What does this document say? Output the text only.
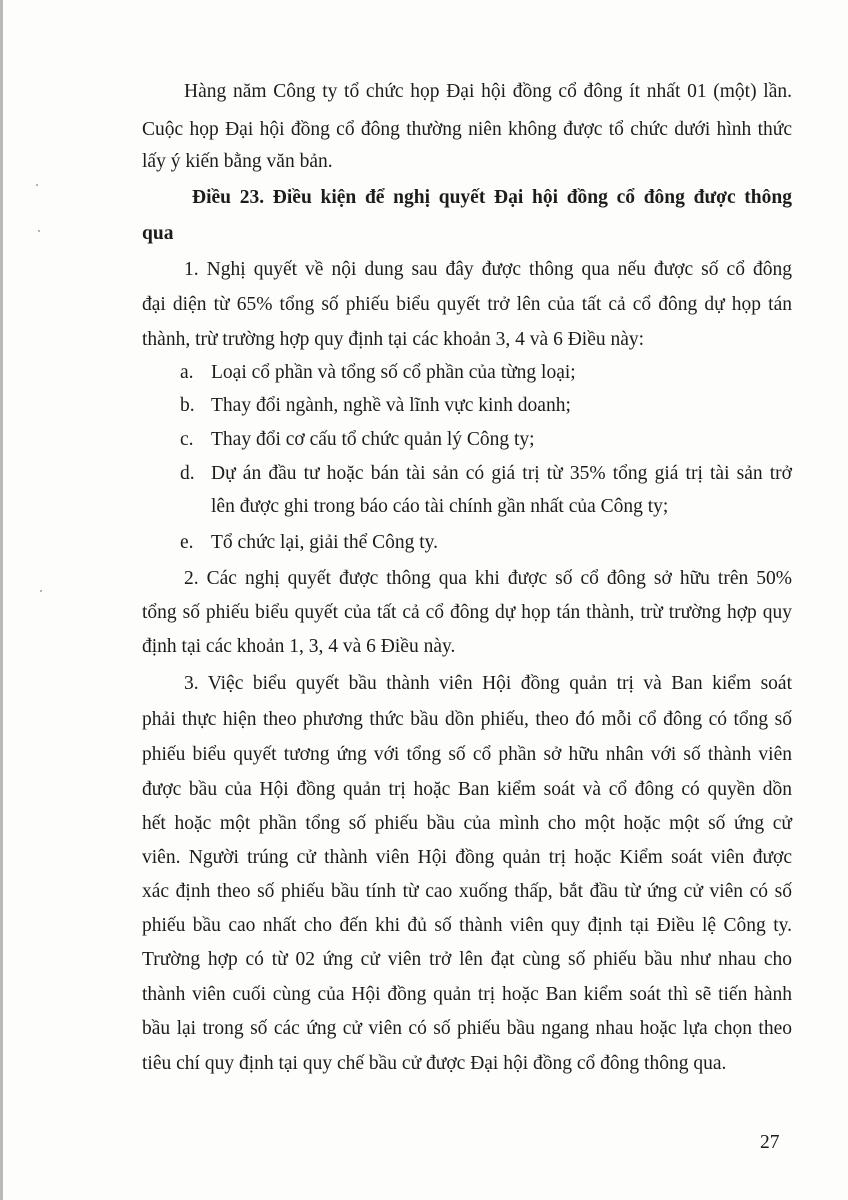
Hàng năm Công ty tổ chức họp Đại hội đồng cổ đông ít nhất 01 (một) lần.
Cuộc họp Đại hội đồng cổ đông thường niên không được tổ chức dưới hình thức
lấy ý kiến bằng văn bản.
Điều 23. Điều kiện để nghị quyết Đại hội đồng cổ đông được thông
qua
1. Nghị quyết về nội dung sau đây được thông qua nếu được số cổ đông
đại diện từ 65% tổng số phiếu biểu quyết trở lên của tất cả cổ đông dự họp tán
thành, trừ trường hợp quy định tại các khoản 3, 4 và 6 Điều này:
a. Loại cổ phần và tổng số cổ phần của từng loại;
b. Thay đổi ngành, nghề và lĩnh vực kinh doanh;
c. Thay đổi cơ cấu tổ chức quản lý Công ty;
d. Dự án đầu tư hoặc bán tài sản có giá trị từ 35% tổng giá trị tài sản trở
lên được ghi trong báo cáo tài chính gần nhất của Công ty;
e. Tổ chức lại, giải thể Công ty.
2. Các nghị quyết được thông qua khi được số cổ đông sở hữu trên 50%
tổng số phiếu biểu quyết của tất cả cổ đông dự họp tán thành, trừ trường hợp quy
định tại các khoản 1, 3, 4 và 6 Điều này.
3. Việc biểu quyết bầu thành viên Hội đồng quản trị và Ban kiểm soát
phải thực hiện theo phương thức bầu dồn phiếu, theo đó mỗi cổ đông có tổng số
phiếu biểu quyết tương ứng với tổng số cổ phần sở hữu nhân với số thành viên
được bầu của Hội đồng quản trị hoặc Ban kiểm soát và cổ đông có quyền dồn
hết hoặc một phần tổng số phiếu bầu của mình cho một hoặc một số ứng cử
viên. Người trúng cử thành viên Hội đồng quản trị hoặc Kiểm soát viên được
xác định theo số phiếu bầu tính từ cao xuống thấp, bắt đầu từ ứng cử viên có số
phiếu bầu cao nhất cho đến khi đủ số thành viên quy định tại Điều lệ Công ty.
Trường hợp có từ 02 ứng cử viên trở lên đạt cùng số phiếu bầu như nhau cho
thành viên cuối cùng của Hội đồng quản trị hoặc Ban kiểm soát thì sẽ tiến hành
bầu lại trong số các ứng cử viên có số phiếu bầu ngang nhau hoặc lựa chọn theo
tiêu chí quy định tại quy chế bầu cử được Đại hội đồng cổ đông thông qua.
27
